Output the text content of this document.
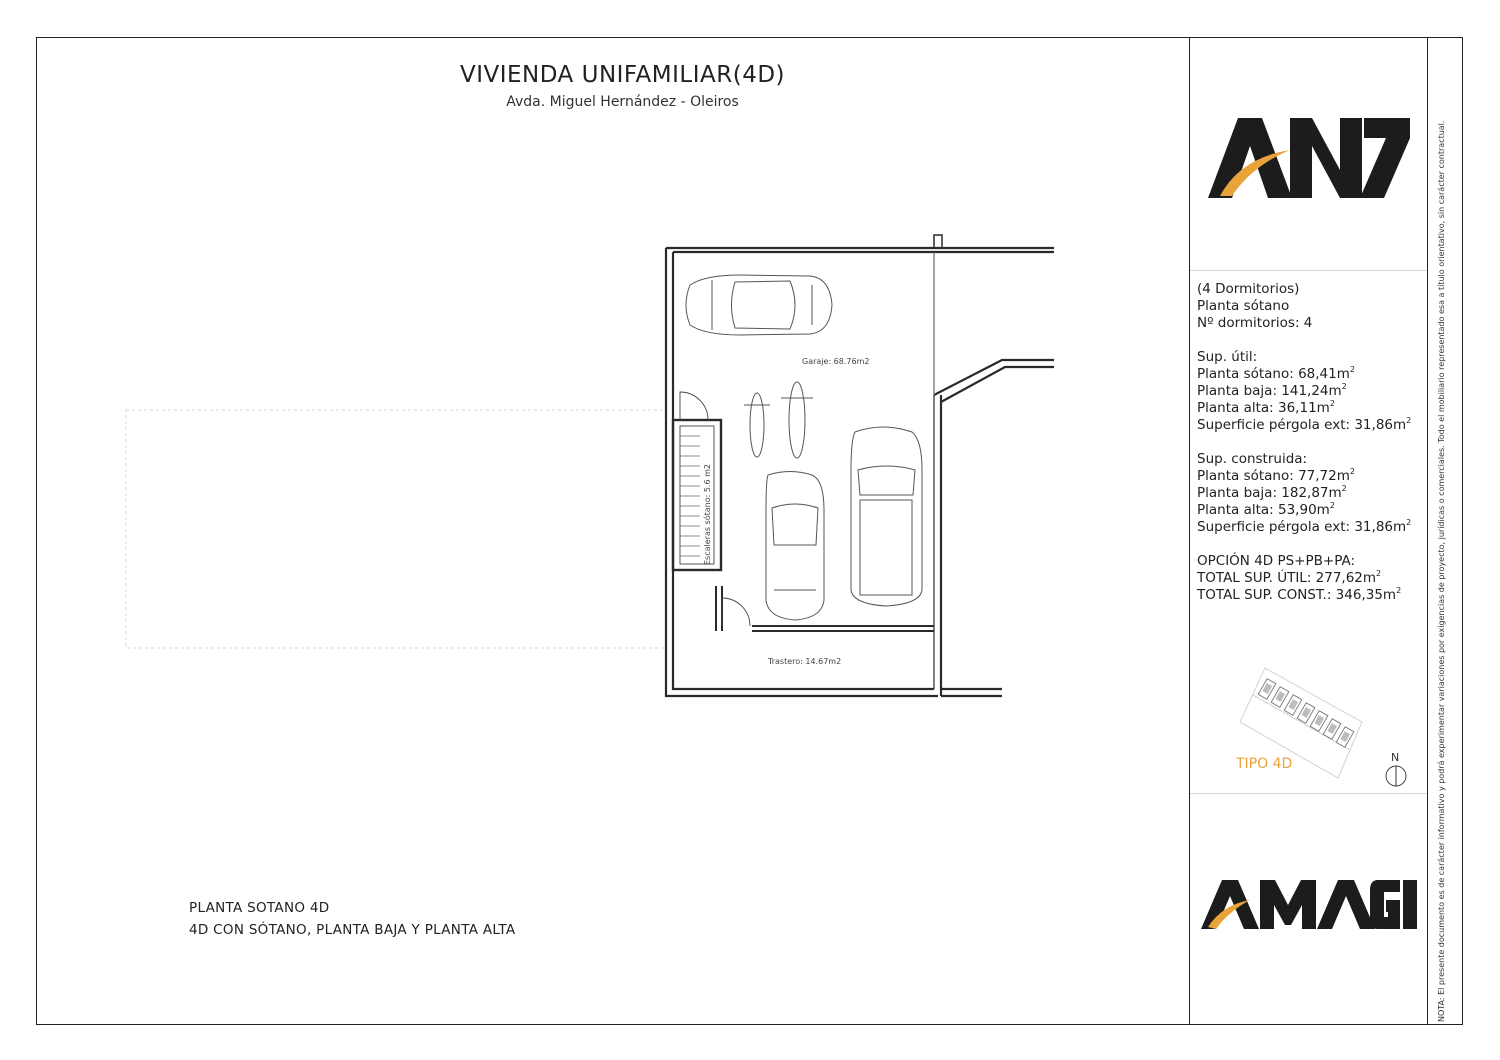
VIVIENDA UNIFAMILIAR(4D)
Avda. Miguel Hernández - Oleiros
Garaje: 68.76m2
Trastero: 14.67m2
Escaleras sótano: 5.6 m2
PLANTA SOTANO 4D
4D CON SÓTANO, PLANTA BAJA Y PLANTA ALTA
(4 Dormitorios)
Planta sótano
Nº dormitorios: 4
Sup. útil:
Planta sótano: $68,41m^2$
Planta baja: $141,24m^2$
Planta alta: $36,11m^2$
Superficie pérgola ext: $31,86m^2$
Sup. construida:
Planta sótano: $77,72m^2$
Planta baja: $182,87m^2$
Planta alta: $53,90m^2$
Superficie pérgola ext: $31,86m^2$
OPCIÓN 4D PS+PB+PA:
TOTAL SUP. ÚTIL: $277,62m^2$
TOTAL SUP. CONST.: $346,35m^2$
TIPO 4D	N	NOTA: El presente documento es de carácter informativo y podrá experimentar variaciones por exigencias de proyecto, jurídicas o comerciales. Todo el mobiliario representado esa a título orientativo, sin carácter contractual.
